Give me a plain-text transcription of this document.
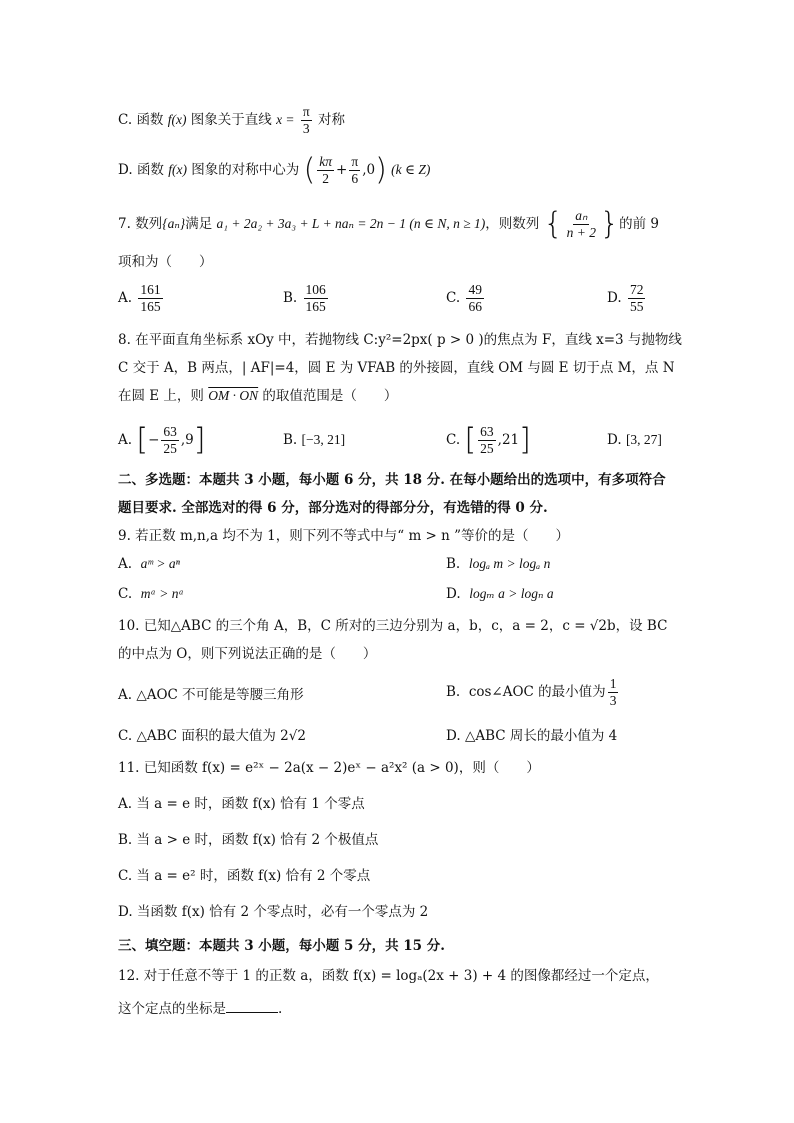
C. 函数 f(x) 图象关于直线 $x = \frac{\pi}{3}$ 对称
D. 函数 f(x) 图象的对称中心为 ( $\frac{k\pi}{2} + \frac{\pi}{6} ,0$) (k ∈ Z)
7. 数列{aₙ}满足 a₁ + 2a₂ + 3a₃ + L + naₙ = 2n − 1 (n ∈ N, n ≥ 1)，则数列 { $\frac{\text{aₙ}}{n + 2}$ }的前 9
项和为（　　）
A. $\frac{161}{165}$	B. $\frac{106}{165}$	C. $\frac{49}{66}$	D. $\frac{72}{55}$
8. 在平面直角坐标系 xOy 中，若抛物线 C:y²=2px( p > 0 )的焦点为 F，直线 x=3 与抛物线
C 交于 A，B 两点，| AF|=4，圆 E 为 VFAB 的外接圆，直线 OM 与圆 E 切于点 M，点 N
在圆 E 上，则 OM · ON 的取值范围是（　　）
A. [− $\frac{63}{25} ,9$]	B. [−3, 21]	C. [ $\frac{63}{25} ,21$]	D. [3, 27]
二、多选题：本题共 3 小题，每小题 6 分，共 18 分. 在每小题给出的选项中，有多项符合
题目要求. 全部选对的得 6 分，部分选对的得部分分，有选错的得 0 分.
9. 若正数 m,n,a 均不为 1，则下列不等式中与“ m > n ”等价的是（　　）
A. aᵐ > aⁿ	B. logₐ m > logₐ n
C. mᵃ > nᵃ	D. logₘ a > logₙ a
10. 已知△ABC 的三个角 A，B，C 所对的三边分别为 a，b，c，a = 2，c = √2b，设 BC
的中点为 O，则下列说法正确的是（　　）
A. △AOC 不可能是等腰三角形	B. cos∠AOC 的最小值为 $\frac{1}{3}$
C. △ABC 面积的最大值为 2√2	D. △ABC 周长的最小值为 4
11. 已知函数 f(x) = e²ˣ − 2a(x − 2)eˣ − a²x² (a > 0)，则（　　）
A. 当 a = e 时，函数 f(x) 恰有 1 个零点
B. 当 a > e 时，函数 f(x) 恰有 2 个极值点
C. 当 a = e² 时，函数 f(x) 恰有 2 个零点
D. 当函数 f(x) 恰有 2 个零点时，必有一个零点为 2
三、填空题：本题共 3 小题，每小题 5 分，共 15 分.
12. 对于任意不等于 1 的正数 a，函数 f(x) = logₐ(2x + 3) + 4 的图像都经过一个定点，
这个定点的坐标是	.
